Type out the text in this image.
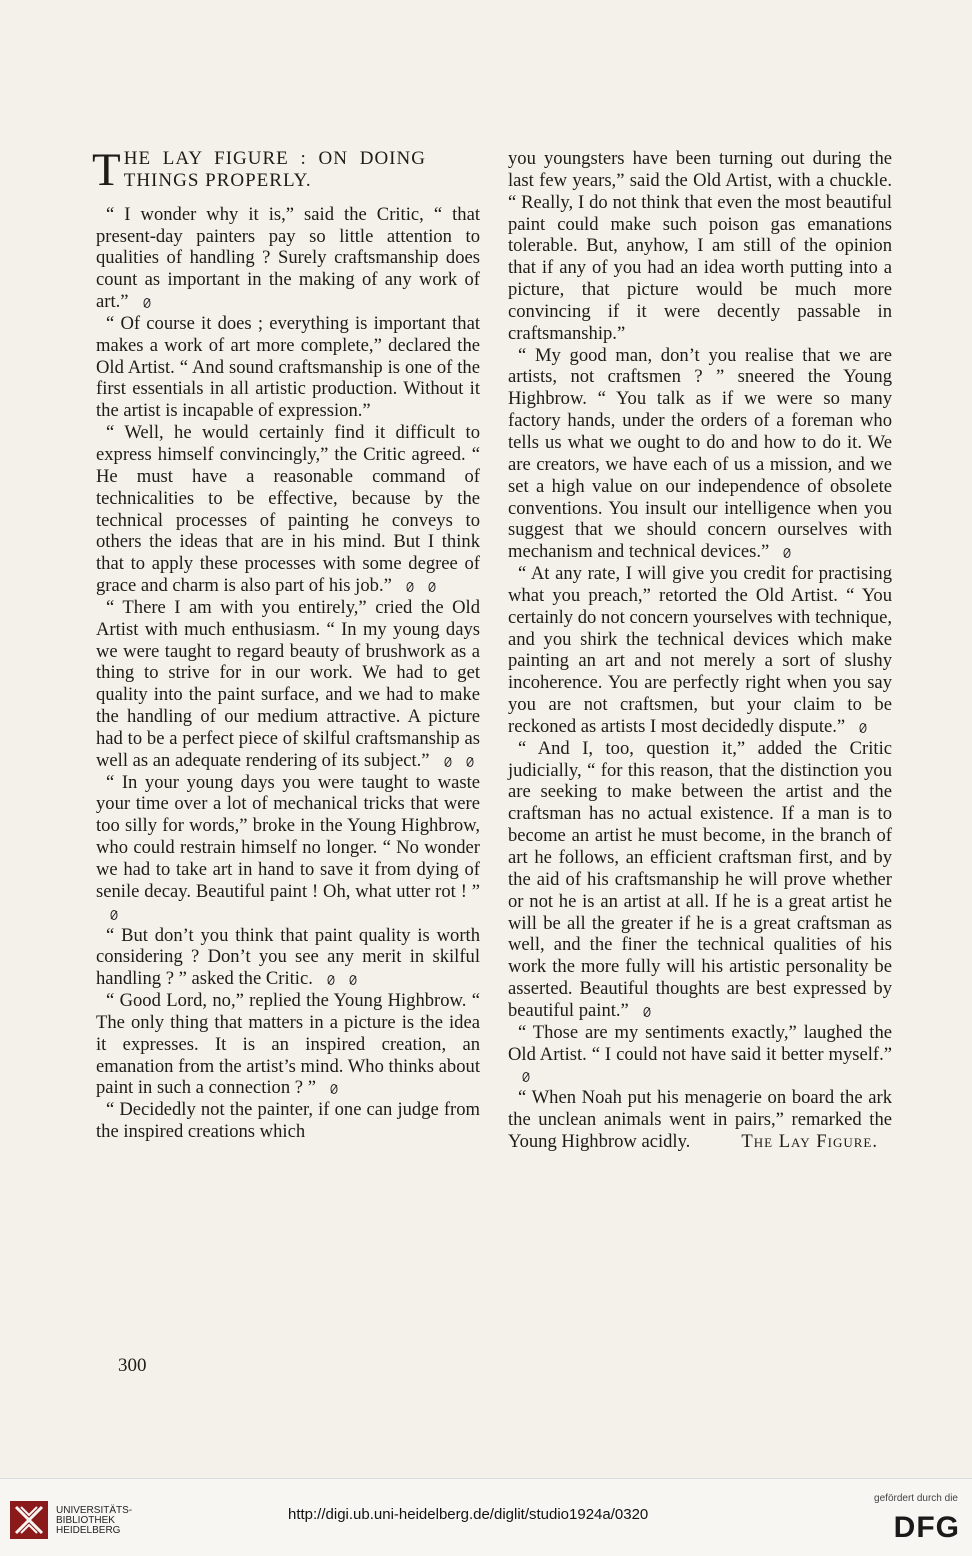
T HE LAY FIGURE : ON DOING
THINGS PROPERLY.

“ I wonder why it is,” said the Critic, “ that present-day painters pay so little attention to qualities of handling ? Surely craftsmanship does count as important in the making of any work of art.”

“ Of course it does ; everything is important that makes a work of art more complete,” declared the Old Artist. “ And sound craftsmanship is one of the first essentials in all artistic production. Without it the artist is incapable of expression.”

“ Well, he would certainly find it difficult to express himself convincingly,” the Critic agreed. “ He must have a reasonable command of technicalities to be effective, because by the technical processes of painting he conveys to others the ideas that are in his mind. But I think that to apply these processes with some degree of grace and charm is also part of his job.”

“ There I am with you entirely,” cried the Old Artist with much enthusiasm. “ In my young days we were taught to regard beauty of brushwork as a thing to strive for in our work. We had to get quality into the paint surface, and we had to make the handling of our medium attractive. A picture had to be a perfect piece of skilful craftsmanship as well as an adequate rendering of its subject.”

“ In your young days you were taught to waste your time over a lot of mechanical tricks that were too silly for words,” broke in the Young Highbrow, who could restrain himself no longer. “ No wonder we had to take art in hand to save it from dying of senile decay. Beautiful paint ! Oh, what utter rot ! ”

“ But don’t you think that paint quality is worth considering ? Don’t you see any merit in skilful handling ? ” asked the Critic.

“ Good Lord, no,” replied the Young Highbrow. “ The only thing that matters in a picture is the idea it expresses. It is an inspired creation, an emanation from the artist’s mind. Who thinks about paint in such a connection ? ”

“ Decidedly not the painter, if one can judge from the inspired creations which

you youngsters have been turning out during the last few years,” said the Old Artist, with a chuckle. “ Really, I do not think that even the most beautiful paint could make such poison gas emanations tolerable. But, anyhow, I am still of the opinion that if any of you had an idea worth putting into a picture, that picture would be much more convincing if it were decently passable in craftsmanship.”

“ My good man, don’t you realise that we are artists, not craftsmen ? ” sneered the Young Highbrow. “ You talk as if we were so many factory hands, under the orders of a foreman who tells us what we ought to do and how to do it. We are creators, we have each of us a mission, and we set a high value on our independence of obsolete conventions. You insult our intelligence when you suggest that we should concern ourselves with mechanism and technical devices.”

“ At any rate, I will give you credit for practising what you preach,” retorted the Old Artist. “ You certainly do not concern yourselves with technique, and you shirk the technical devices which make painting an art and not merely a sort of slushy incoherence. You are perfectly right when you say you are not craftsmen, but your claim to be reckoned as artists I most decidedly dispute.”

“ And I, too, question it,” added the Critic judicially, “ for this reason, that the distinction you are seeking to make between the artist and the craftsman has no actual existence. If a man is to become an artist he must become, in the branch of art he follows, an efficient craftsman first, and by the aid of his craftsmanship he will prove whether or not he is an artist at all. If he is a great artist he will be all the greater if he is a great craftsman as well, and the finer the technical qualities of his work the more fully will his artistic personality be asserted. Beautiful thoughts are best expressed by beautiful paint.”

“ Those are my sentiments exactly,” laughed the Old Artist. “ I could not have said it better myself.”

“ When Noah put his menagerie on board the ark the unclean animals went in pairs,” remarked the Young Highbrow acidly.	The Lay Figure.

300
UNIVERSITÄTS-
BIBLIOTHEK
HEIDELBERG
http://digi.ub.uni-heidelberg.de/diglit/studio1924a/0320
gefördert durch die
DFG
